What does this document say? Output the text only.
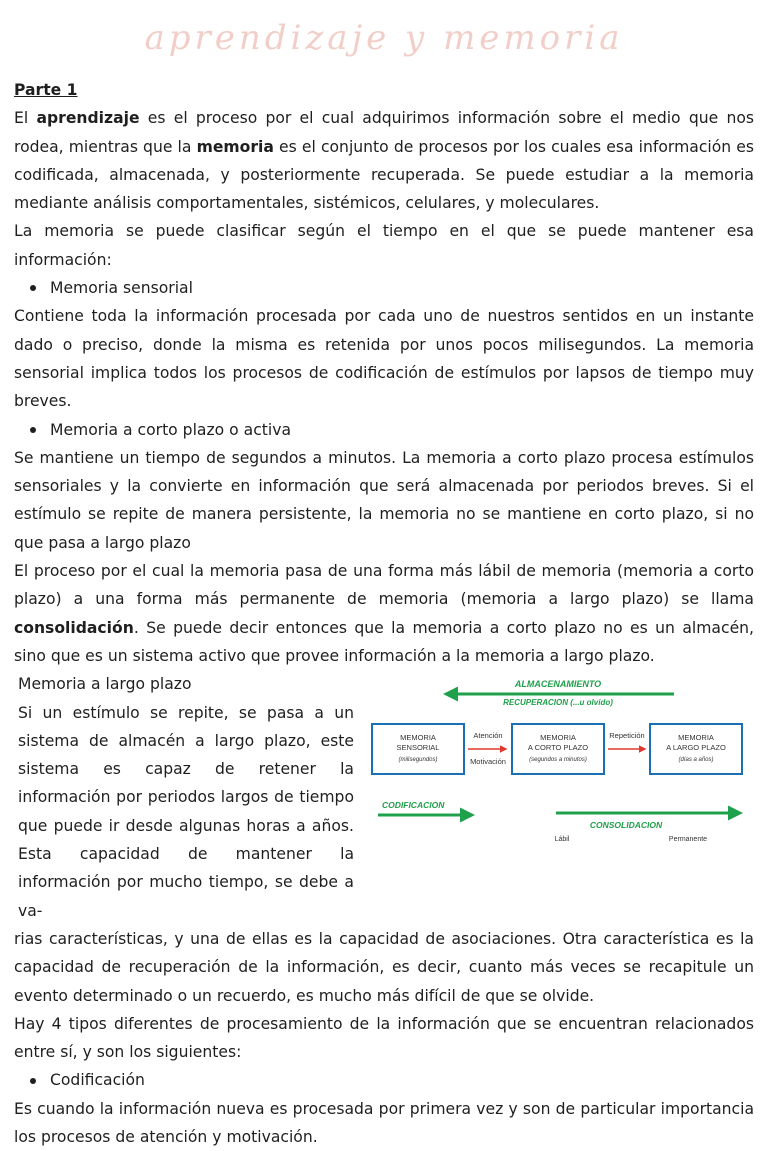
aprendizaje y memoria
Parte 1

El aprendizaje es el proceso por el cual adquirimos información sobre el medio que nos rodea, mientras que la memoria es el conjunto de procesos por los cuales esa información es codificada, almacenada, y posteriormente recuperada. Se puede estudiar a la memoria mediante análisis comportamentales, sistémicos, celulares, y moleculares.

La memoria se puede clasificar según el tiempo en el que se puede mantener esa información:

Memoria sensorial

Contiene toda la información procesada por cada uno de nuestros sentidos en un instante dado o preciso, donde la misma es retenida por unos pocos milisegundos. La memoria sensorial implica todos los procesos de codificación de estímulos por lapsos de tiempo muy breves.

Memoria a corto plazo o activa

Se mantiene un tiempo de segundos a minutos. La memoria a corto plazo procesa estímulos sensoriales y la convierte en información que será almacenada por periodos breves. Si el estímulo se repite de manera persistente, la memoria no se mantiene en corto plazo, si no que pasa a largo plazo

El proceso por el cual la memoria pasa de una forma más lábil de memoria (memoria a corto plazo) a una forma más permanente de memoria (memoria a largo plazo) se llama consolidación. Se puede decir entonces que la memoria a corto plazo no es un almacén, sino que es un sistema activo que provee información a la memoria a largo plazo.

Memoria a largo plazo

Si un estímulo se repite, se pasa a un sistema de almacén a largo plazo, este sistema es capaz de retener la información por periodos largos de tiempo que puede ir desde algunas horas a años. Esta capacidad de mantener la información por mucho tiempo, se debe a va-

ALMACENAMIENTO
RECUPERACION (...u olvido)
MEMORIA
SENSORIAL
(milisegundos)
MEMORIA
A CORTO PLAZO
(segundos a minutos)
MEMORIA
A LARGO PLAZO
(días a años)
Atención
Motivación
Repetición
CODIFICACION
CONSOLIDACION
Lábil	Permanente

rias características, y una de ellas es la capacidad de asociaciones. Otra característica es la capacidad de recuperación de la información, es decir, cuanto más veces se recapitule un evento determinado o un recuerdo, es mucho más difícil de que se olvide.

Hay 4 tipos diferentes de procesamiento de la información que se encuentran relacionados entre sí, y son los siguientes:

Codificación

Es cuando la información nueva es procesada por primera vez y son de particular importancia los procesos de atención y motivación.
